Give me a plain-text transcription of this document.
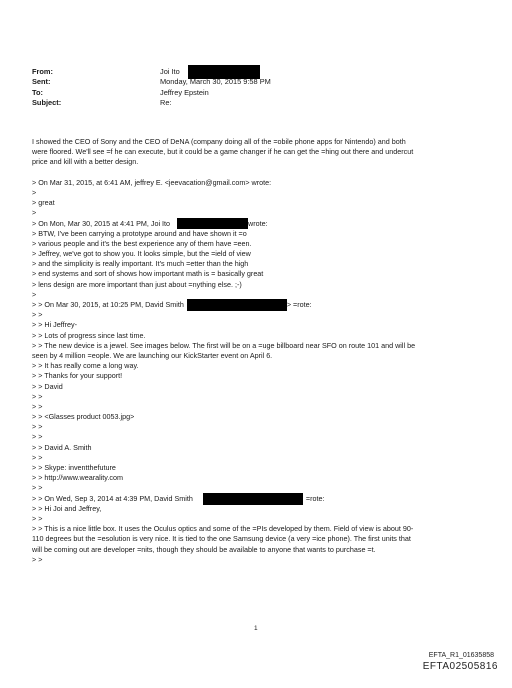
From:	Joi Ito
Sent:	Monday, March 30, 2015 9:58 PM
To:	Jeffrey Epstein
Subject:	Re:
I showed the CEO of Sony and the CEO of DeNA (company doing all of the =obile phone apps for Nintendo) and both
were floored. We'll see =f he can execute, but it could be a game changer if he can get the =hing out there and undercut
price and kill with a better design.
> On Mar 31, 2015, at 6:41 AM, jeffrey E. <jeevacation@gmail.com> wrote:
>
> great
>
> On Mon, Mar 30, 2015 at 4:41 PM, Joi Ito	wrote:
> BTW, I've been carrying a prototype around and have shown it =o
> various people and it's the best experience any of them have =een.
> Jeffrey, we've got to show you. It looks simple, but the =ield of view
> and the simplicity is really important. It's much =etter than the high
> end systems and sort of shows how important math is = basically great
> lens design are more important than just about =nything else. ;-)
>
> > On Mar 30, 2015, at 10:25 PM, David Smith	> =rote:
> >
> > Hi Jeffrey-
> > Lots of progress since last time.
> > The new device is a jewel. See images below. The first will be on a =uge billboard near SFO on route 101 and will be
seen by 4 million =eople. We are launching our KickStarter event on April 6.
> > It has really come a long way.
> > Thanks for your support!
> > David
> >
> >
> > <Glasses product 0053.jpg>
> >
> >
> > David A. Smith
> >
> > Skype: inventthefuture
> > http://www.wearality.com
> >
> > On Wed, Sep 3, 2014 at 4:39 PM, David Smith	=rote:
> > Hi Joi and Jeffrey,
> >
> > This is a nice little box. It uses the Oculus optics and some of the =PIs developed by them. Field of view is about 90-
110 degrees but the =esolution is very nice. It is tied to the one Samsung device (a very =ice phone). The first units that
will be coming out are developer =nits, though they should be available to anyone that wants to purchase =t.
> >
1
EFTA_R1_01635858
EFTA02505816
